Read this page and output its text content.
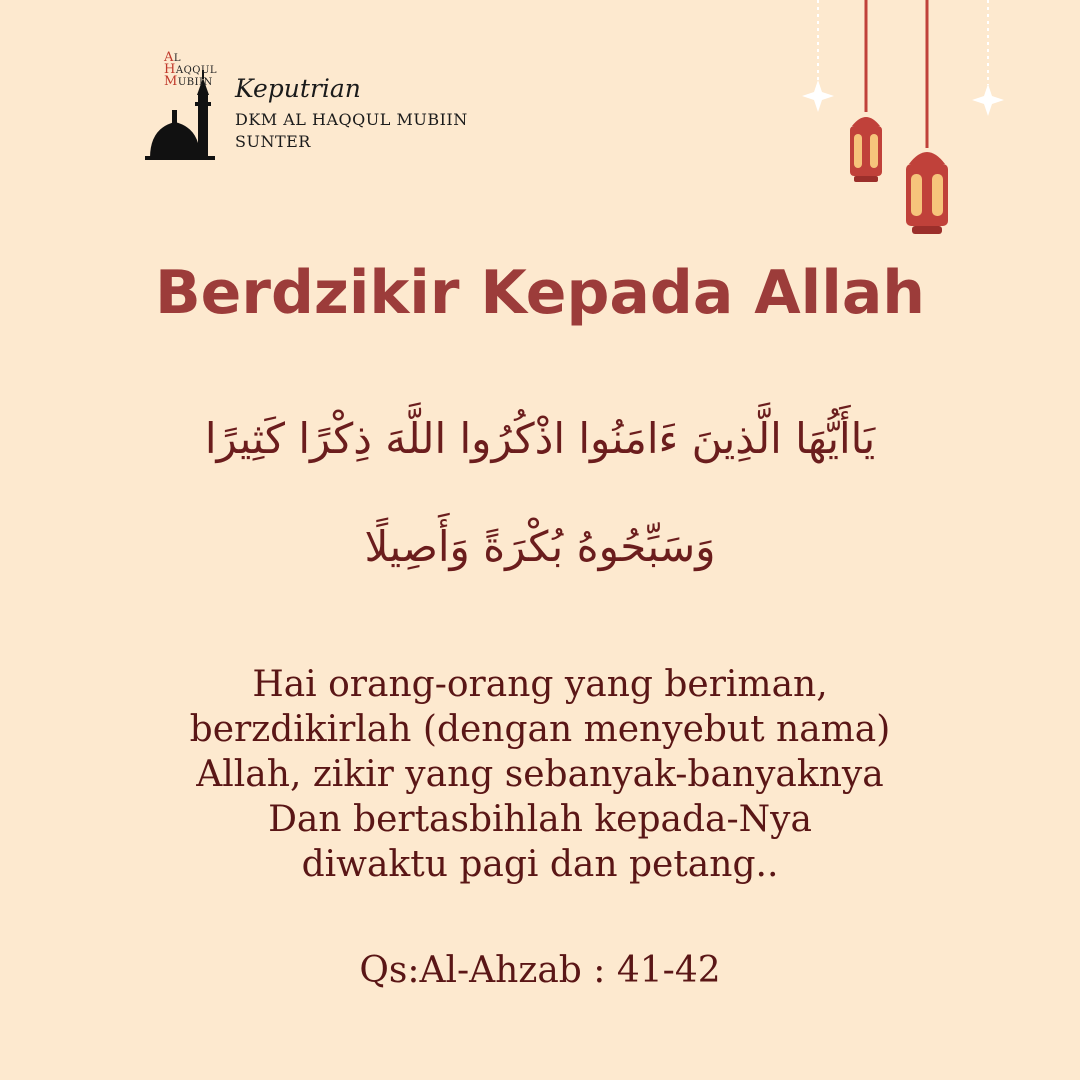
AL
HAQQUL
MUBIIN Keputrian
DKM AL HAQQUL MUBIIN
SUNTER
Berdzikir Kepada Allah
يَاأَيُّهَا الَّذِينَ ءَامَنُوا اذْكُرُوا اللَّهَ ذِكْرًا كَثِيرًا
وَسَبِّحُوهُ بُكْرَةً وَأَصِيلًا
Hai orang-orang yang beriman,
berzdikirlah (dengan menyebut nama)
Allah, zikir yang sebanyak-banyaknya
Dan bertasbihlah kepada-Nya
diwaktu pagi dan petang..
Qs:Al-Ahzab : 41-42
